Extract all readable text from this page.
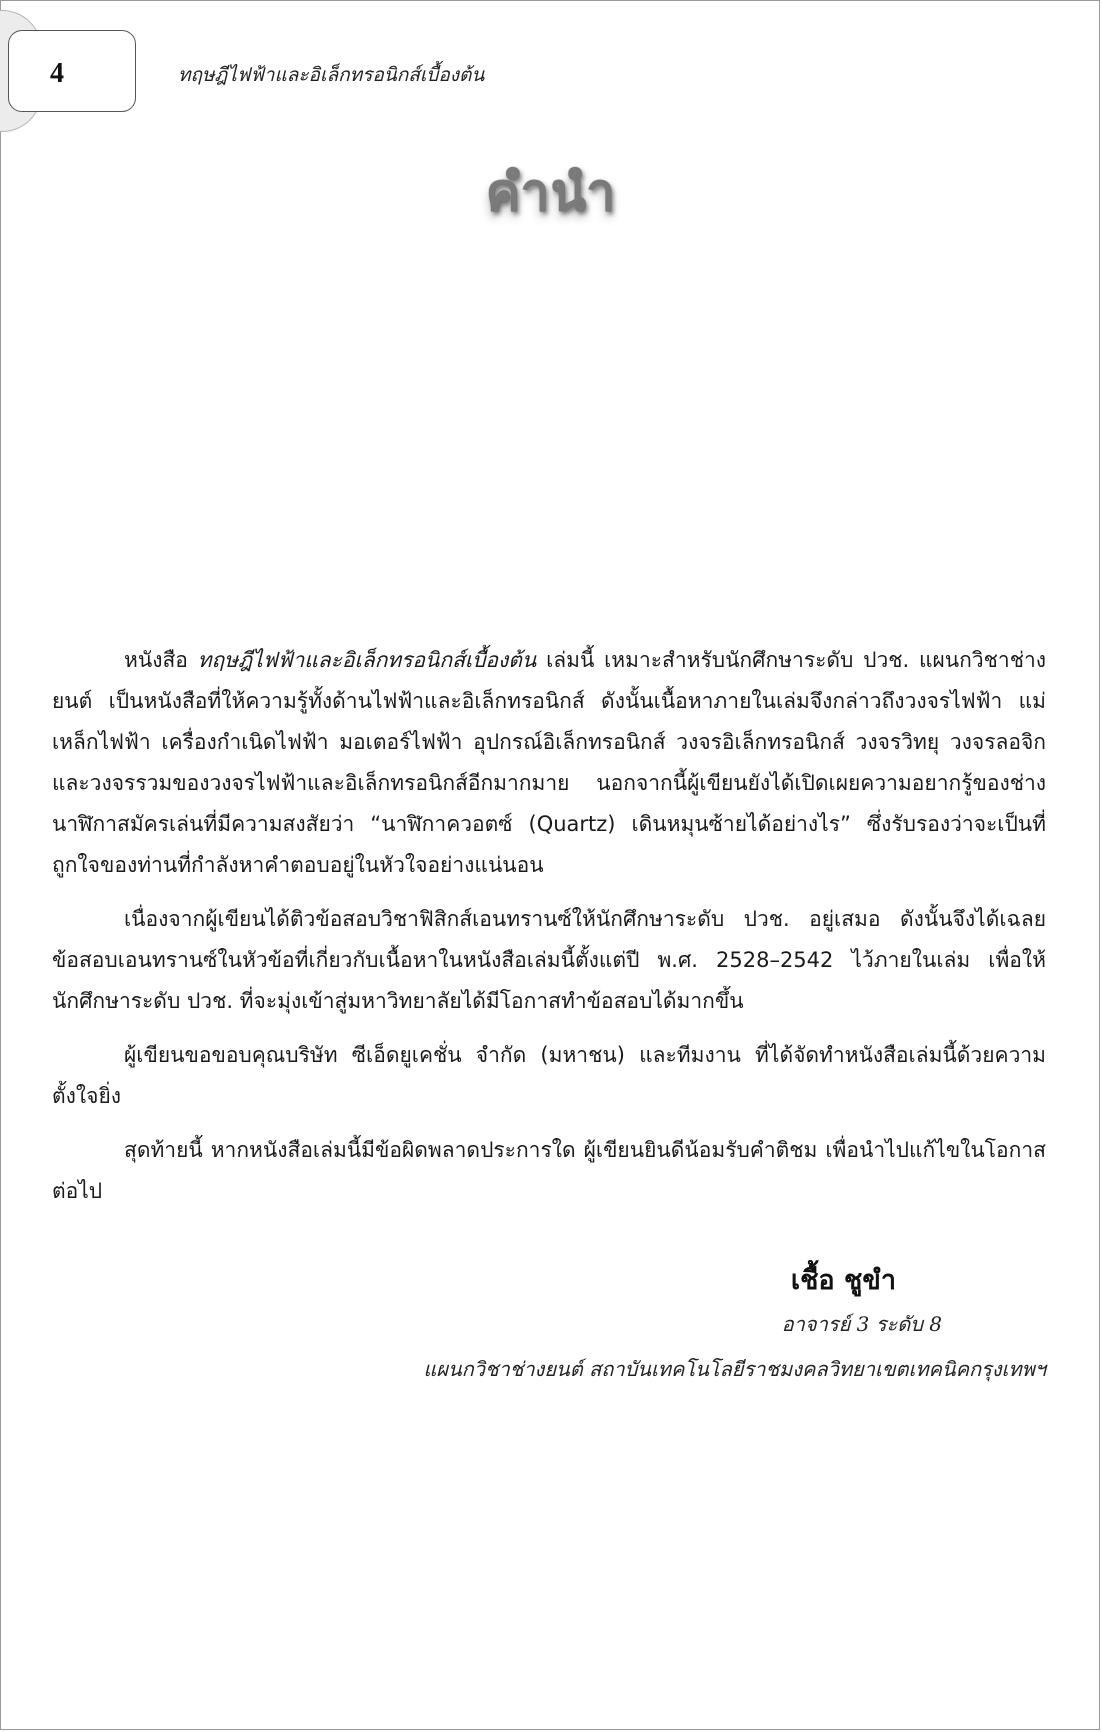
4	ทฤษฎีไฟฟ้าและอิเล็กทรอนิกส์เบื้องต้น
คำนำ

หนังสือ ทฤษฎีไฟฟ้าและอิเล็กทรอนิกส์เบื้องต้น เล่มนี้ เหมาะสำหรับนักศึกษาระดับ ปวช. แผนกวิชาช่างยนต์ เป็นหนังสือที่ให้ความรู้ทั้งด้านไฟฟ้าและอิเล็กทรอนิกส์ ดังนั้นเนื้อหาภายในเล่มจึงกล่าวถึงวงจรไฟฟ้า แม่เหล็กไฟฟ้า เครื่องกำเนิดไฟฟ้า มอเตอร์ไฟฟ้า อุปกรณ์อิเล็กทรอนิกส์ วงจรอิเล็กทรอนิกส์ วงจรวิทยุ วงจรลอจิก และวงจรรวมของวงจรไฟฟ้าและอิเล็กทรอนิกส์อีกมากมาย นอกจากนี้ผู้เขียนยังได้เปิดเผยความอยากรู้ของช่างนาฬิกาสมัครเล่นที่มีความสงสัยว่า “นาฬิกาควอตซ์ (Quartz) เดินหมุนซ้ายได้อย่างไร” ซึ่งรับรองว่าจะเป็นที่ถูกใจของท่านที่กำลังหาคำตอบอยู่ในหัวใจอย่างแน่นอน

เนื่องจากผู้เขียนได้ติวข้อสอบวิชาฟิสิกส์เอนทรานซ์ให้นักศึกษาระดับ ปวช. อยู่เสมอ ดังนั้นจึงได้เฉลยข้อสอบเอนทรานซ์ในหัวข้อที่เกี่ยวกับเนื้อหาในหนังสือเล่มนี้ตั้งแต่ปี พ.ศ. 2528–2542 ไว้ภายในเล่ม เพื่อให้นักศึกษาระดับ ปวช. ที่จะมุ่งเข้าสู่มหาวิทยาลัยได้มีโอกาสทำข้อสอบได้มากขึ้น

ผู้เขียนขอขอบคุณบริษัท ซีเอ็ดยูเคชั่น จำกัด (มหาชน) และทีมงาน ที่ได้จัดทำหนังสือเล่มนี้ด้วยความตั้งใจยิ่ง

สุดท้ายนี้ หากหนังสือเล่มนี้มีข้อผิดพลาดประการใด ผู้เขียนยินดีน้อมรับคำติชม เพื่อนำไปแก้ไขในโอกาสต่อไป

เชื้อ ชูขำ
อาจารย์ 3 ระดับ 8
แผนกวิชาช่างยนต์ สถาบันเทคโนโลยีราชมงคลวิทยาเขตเทคนิคกรุงเทพฯ
